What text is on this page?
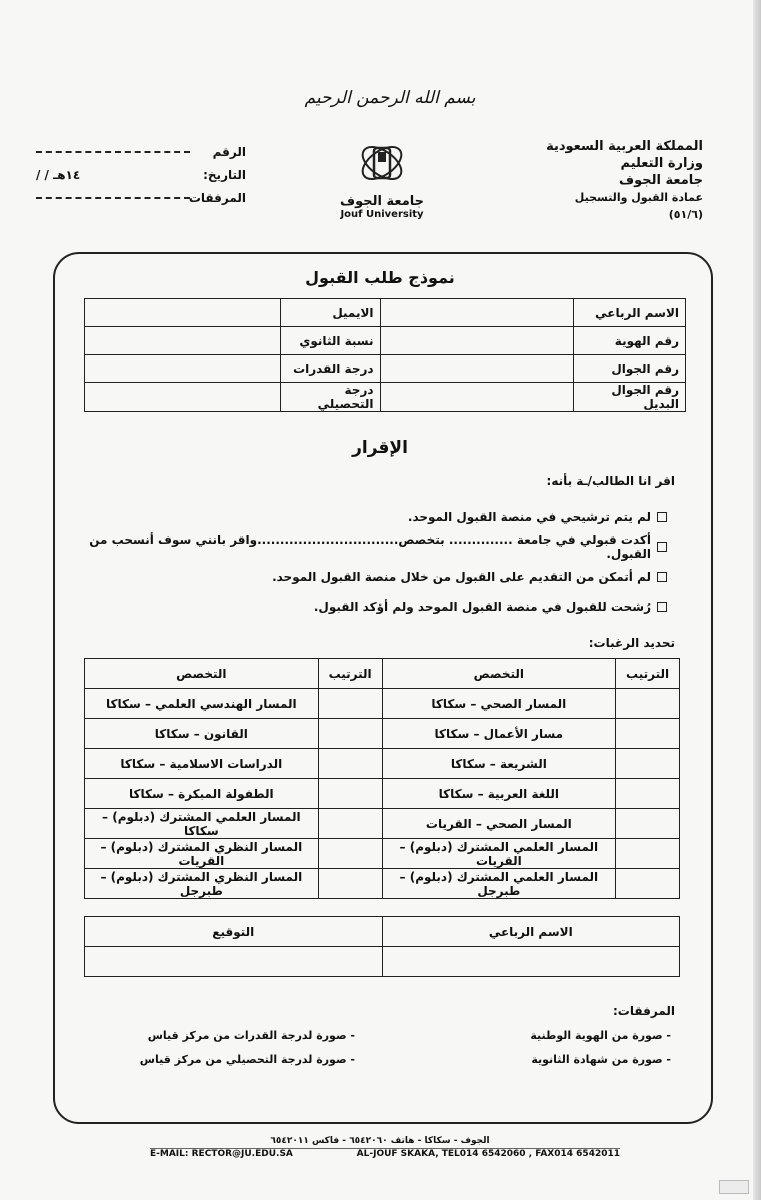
بسم الله الرحمن الرحيم
المملكة العربية السعودية
وزارة التعليم
جامعة الجوف
عمادة القبول والتسجيل
(٥١/٦)
جامعة الجوف
Jouf University
الرقم
التاريخ:
/ / ١٤هـ
المرفقات
نموذج طلب القبول
الاسم الرباعي		الايميل	
رقم الهوية		نسبة الثانوي	
رقم الجوال		درجة القدرات	
رقم الجوال البديل		درجة التحصيلي	
الإقرار
اقر انا الطالب/ـة بأنه:
لم يتم ترشيحي في منصة القبول الموحد.
أكدت قبولي في جامعة .............. بتخصص...............................واقر بانني سوف أنسحب من القبول.
لم أتمكن من التقديم على القبول من خلال منصة القبول الموحد.
رُشحت للقبول في منصة القبول الموحد ولم أؤكد القبول.
تحديد الرغبات:
الترتيب	التخصص	الترتيب	التخصص
	المسار الصحي – سكاكا		المسار الهندسي العلمي – سكاكا
	مسار الأعمال – سكاكا		القانون – سكاكا
	الشريعة – سكاكا		الدراسات الاسلامية – سكاكا
	اللغة العربية – سكاكا		الطفولة المبكرة – سكاكا
	المسار الصحي – القريات		المسار العلمي المشترك (دبلوم) – سكاكا
	المسار العلمي المشترك (دبلوم) – القريات		المسار النظري المشترك (دبلوم) – القريات
	المسار العلمي المشترك (دبلوم) – طبرجل		المسار النظري المشترك (دبلوم) – طبرجل
الاسم الرباعي	التوقيع

المرفقات:
- صورة من الهوية الوطنية
- صورة من شهادة الثانوية
- صورة لدرجة القدرات من مركز قياس
- صورة لدرجة التحصيلي من مركز قياس
الجوف - سكاكا - هاتف ٦٥٤٢٠٦٠ - فاكس ٦٥٤٢٠١١
E-MAIL: RECTOR@JU.EDU.SA	AL-JOUF SKAKA, TEL014 6542060 , FAX014 6542011
